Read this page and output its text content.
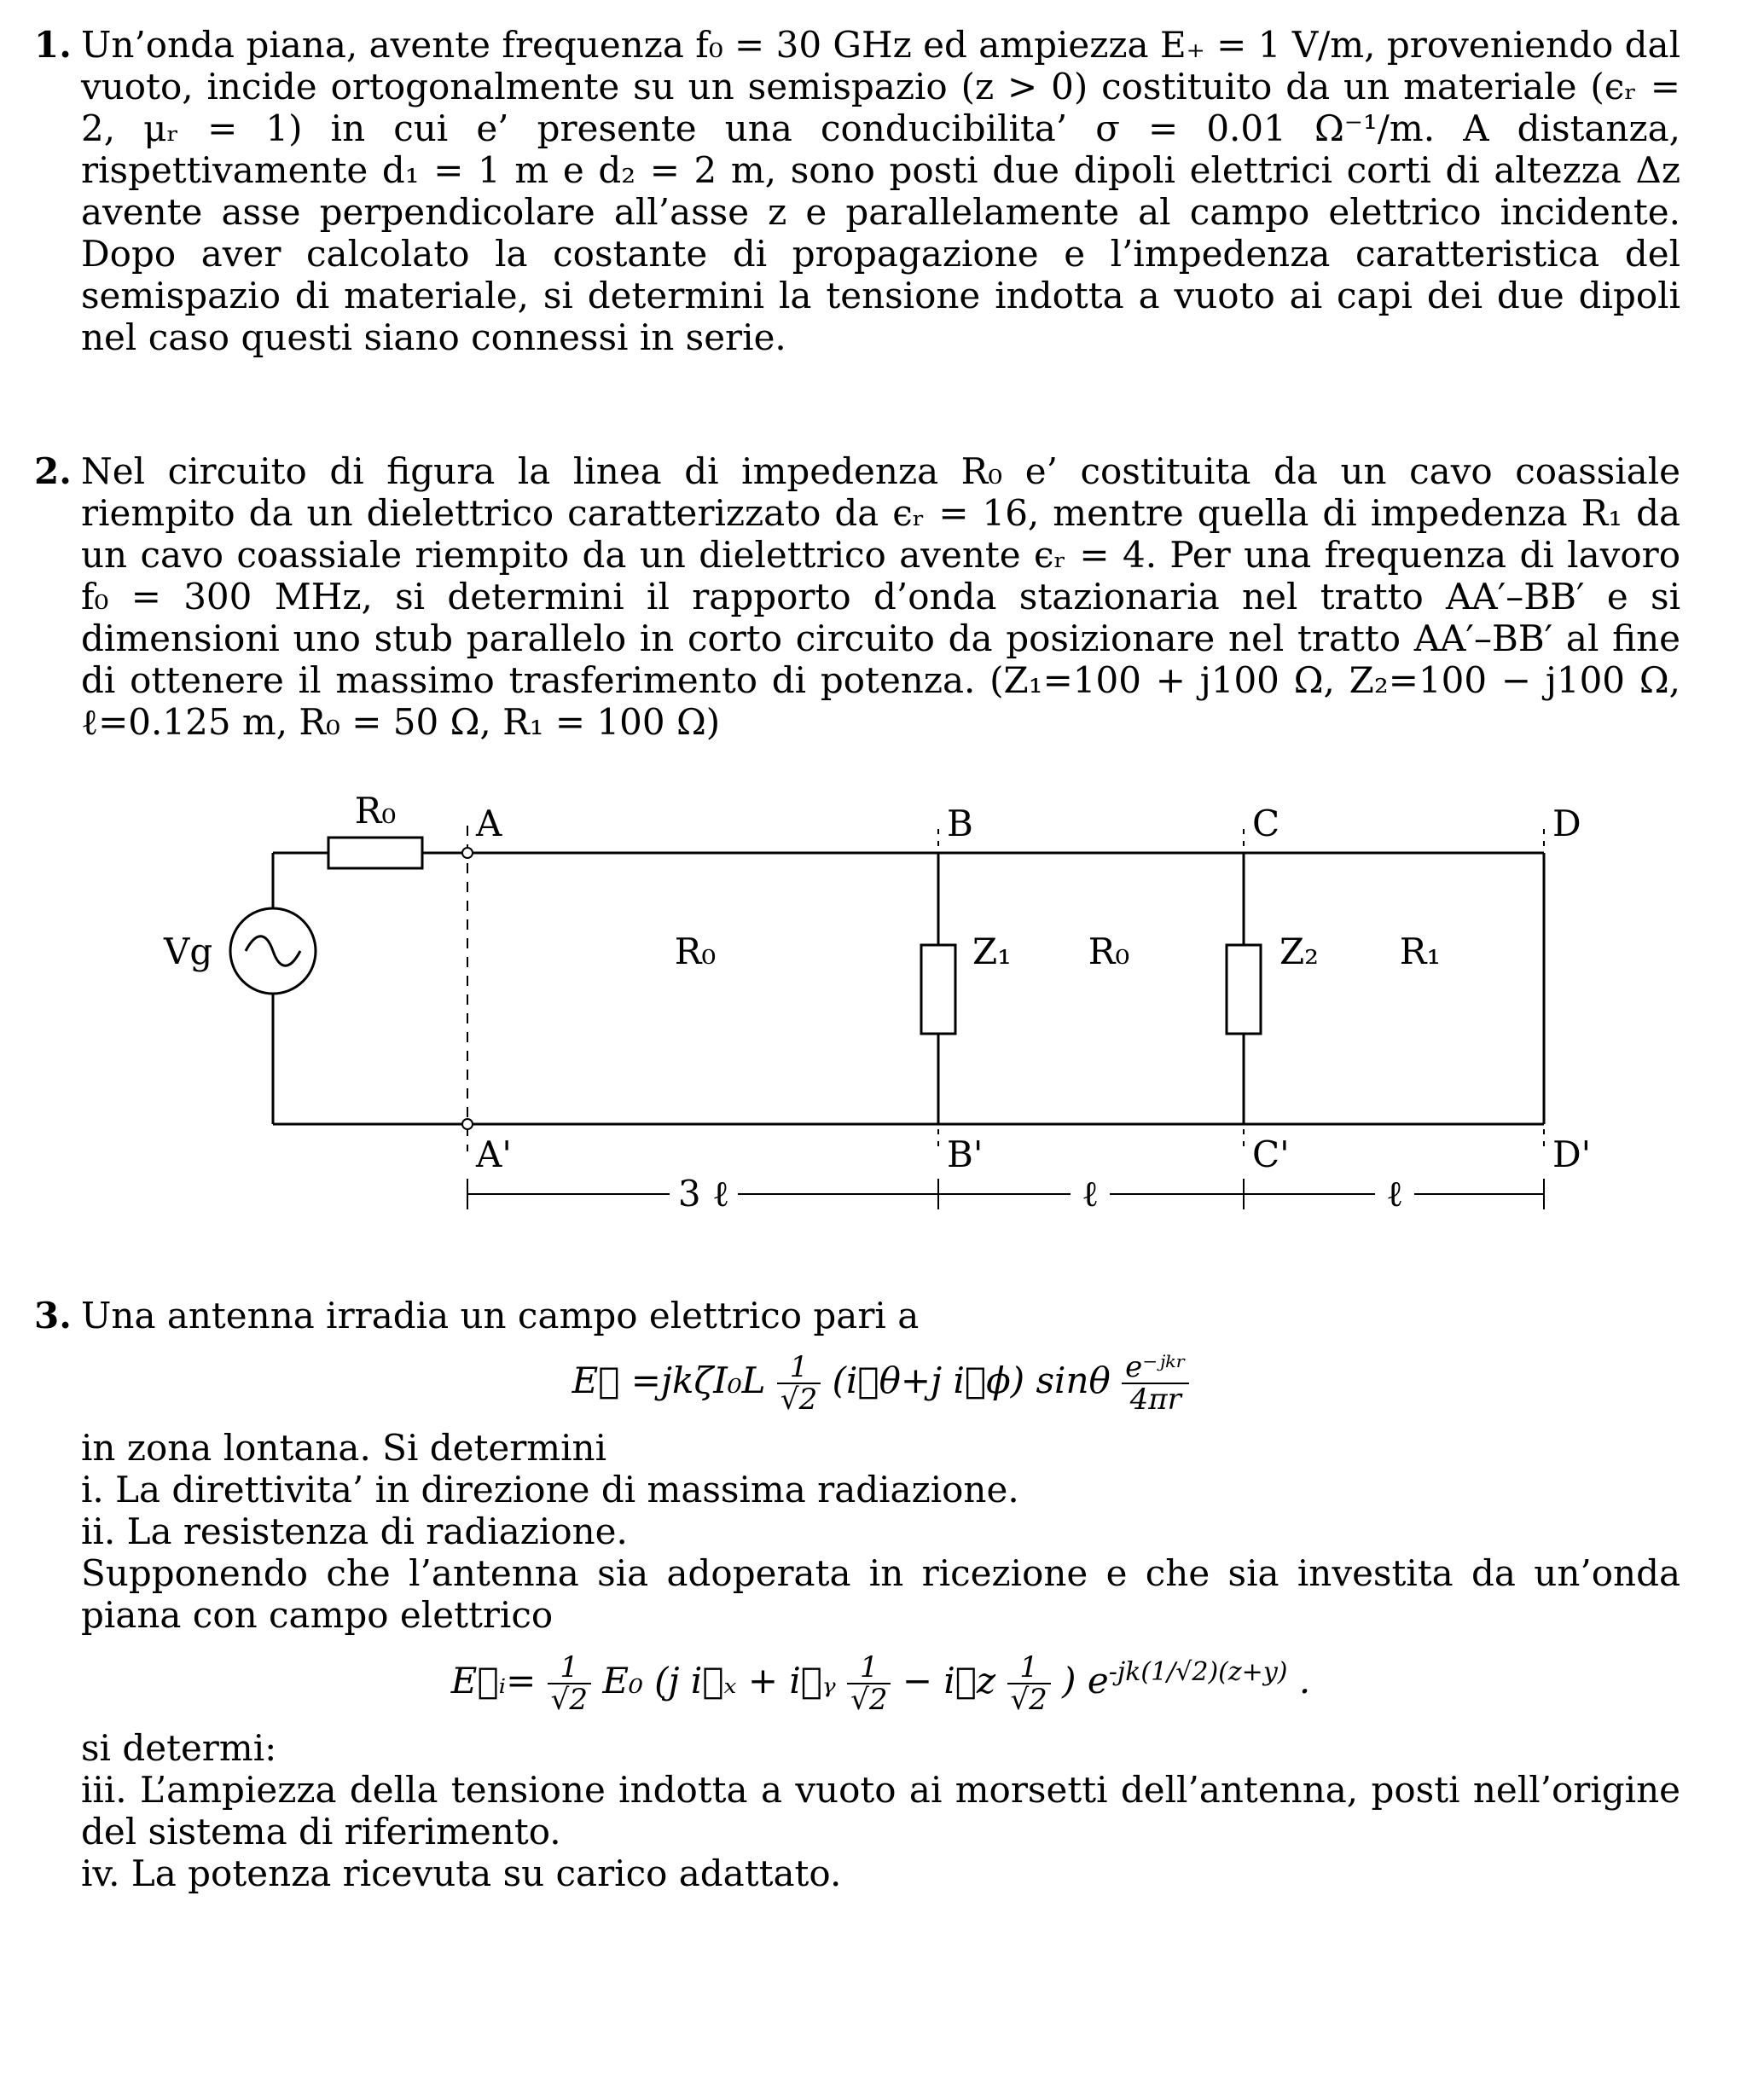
1. Un’onda piana, avente frequenza f₀ = 30 GHz ed ampiezza E₊ = 1 V/m, proveniendo dal vuoto, incide ortogonalmente su un semispazio (z > 0) costituito da un materiale (ϵᵣ = 2, μᵣ = 1) in cui e’ presente una conducibilita’ σ = 0.01 Ω⁻¹/m. A distanza, rispettivamente d₁ = 1 m e d₂ = 2 m, sono posti due dipoli elettrici corti di altezza Δz avente asse perpendicolare all’asse z e parallelamente al campo elettrico incidente. Dopo aver calcolato la costante di propagazione e l’impedenza caratteristica del semispazio di materiale, si determini la tensione indotta a vuoto ai capi dei due dipoli nel caso questi siano connessi in serie.

2. Nel circuito di figura la linea di impedenza R₀ e’ costituita da un cavo coassiale riempito da un dielettrico caratterizzato da ϵᵣ = 16, mentre quella di impedenza R₁ da un cavo coassiale riempito da un dielettrico avente ϵᵣ = 4. Per una frequenza di lavoro f₀ = 300 MHz, si determini il rapporto d’onda stazionaria nel tratto AA′–BB′ e si dimensioni uno stub parallelo in corto circuito da posizionare nel tratto AA′–BB′ al fine di ottenere il massimo trasferimento di potenza. (Z₁=100 + j100 Ω, Z₂=100 − j100 Ω, ℓ=0.125 m, R₀ = 50 Ω, R₁ = 100 Ω)

R₀
Vg
A	B	C	D
A'	B'	C'	D'
R₀	R₀	R₁
Z₁	Z₂
3 ℓ	ℓ	ℓ
3. Una antenna irradia un campo elettrico pari a

E⃗ $=jk\zeta I_0L \frac{1}{√2}$ (i⃗θ+j i⃗ϕ) sinθ $\frac{\text{e⁻ʲᵏʳ}}{4\pi r}$

in zona lontana. Si determini

i. La direttivita’ in direzione di massima radiazione.

ii. La resistenza di radiazione.

Supponendo che l’antenna sia adoperata in ricezione e che sia investita da un’onda piana con campo elettrico

E⃗ᵢ= $\frac{1}{√2} E_0$ (j i⃗ₓ + i⃗ᵧ $\frac{1}{√2}$ − i⃗z $\frac{1}{√2}$ ) $e^{-jk(1/√2)(z+y)}$ .

si determi:

iii. L’ampiezza della tensione indotta a vuoto ai morsetti dell’antenna, posti nell’origine del sistema di riferimento.

iv. La potenza ricevuta su carico adattato.
